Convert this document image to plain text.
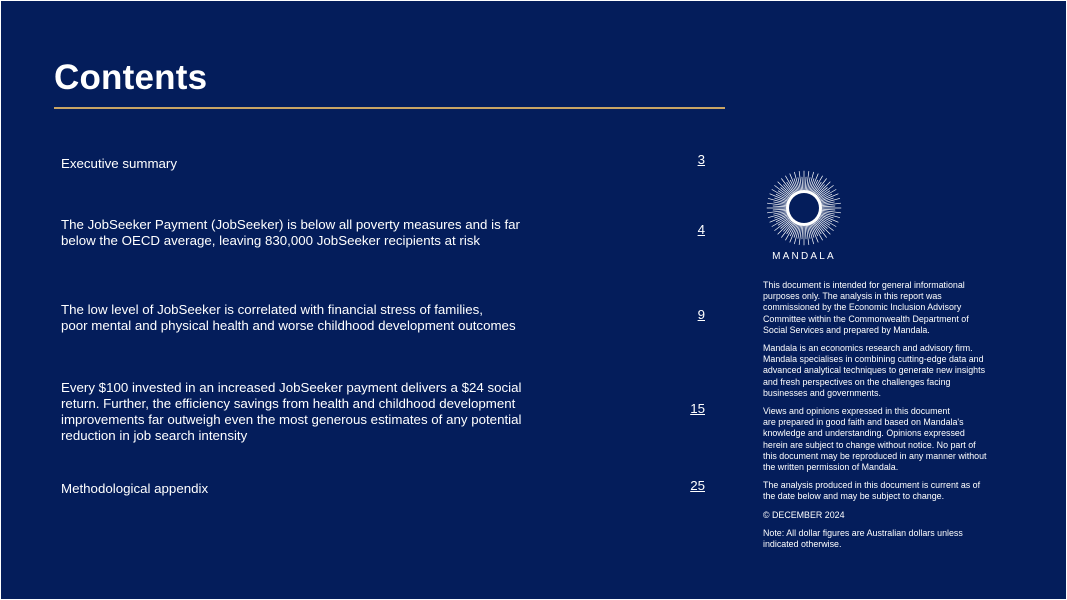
Contents
Executive summary	3
The JobSeeker Payment (JobSeeker) is below all poverty measures and is far
below the OECD average, leaving 830,000 JobSeeker recipients at risk
4
The low level of JobSeeker is correlated with financial stress of families,
poor mental and physical health and worse childhood development outcomes
9
Every $100 invested in an increased JobSeeker payment delivers a $24 social
return. Further, the efficiency savings from health and childhood development
improvements far outweigh even the most generous estimates of any potential
reduction in job search intensity
15
Methodological appendix	25
MANDALA

This document is intended for general informational
purposes only. The analysis in this report was
commissioned by the Economic Inclusion Advisory
Committee within the Commonwealth Department of
Social Services and prepared by Mandala.

Mandala is an economics research and advisory firm.
Mandala specialises in combining cutting-edge data and
advanced analytical techniques to generate new insights
and fresh perspectives on the challenges facing
businesses and governments.

Views and opinions expressed in this document
are prepared in good faith and based on Mandala's
knowledge and understanding. Opinions expressed
herein are subject to change without notice. No part of
this document may be reproduced in any manner without
the written permission of Mandala.

The analysis produced in this document is current as of
the date below and may be subject to change.

© DECEMBER 2024

Note: All dollar figures are Australian dollars unless
indicated otherwise.
